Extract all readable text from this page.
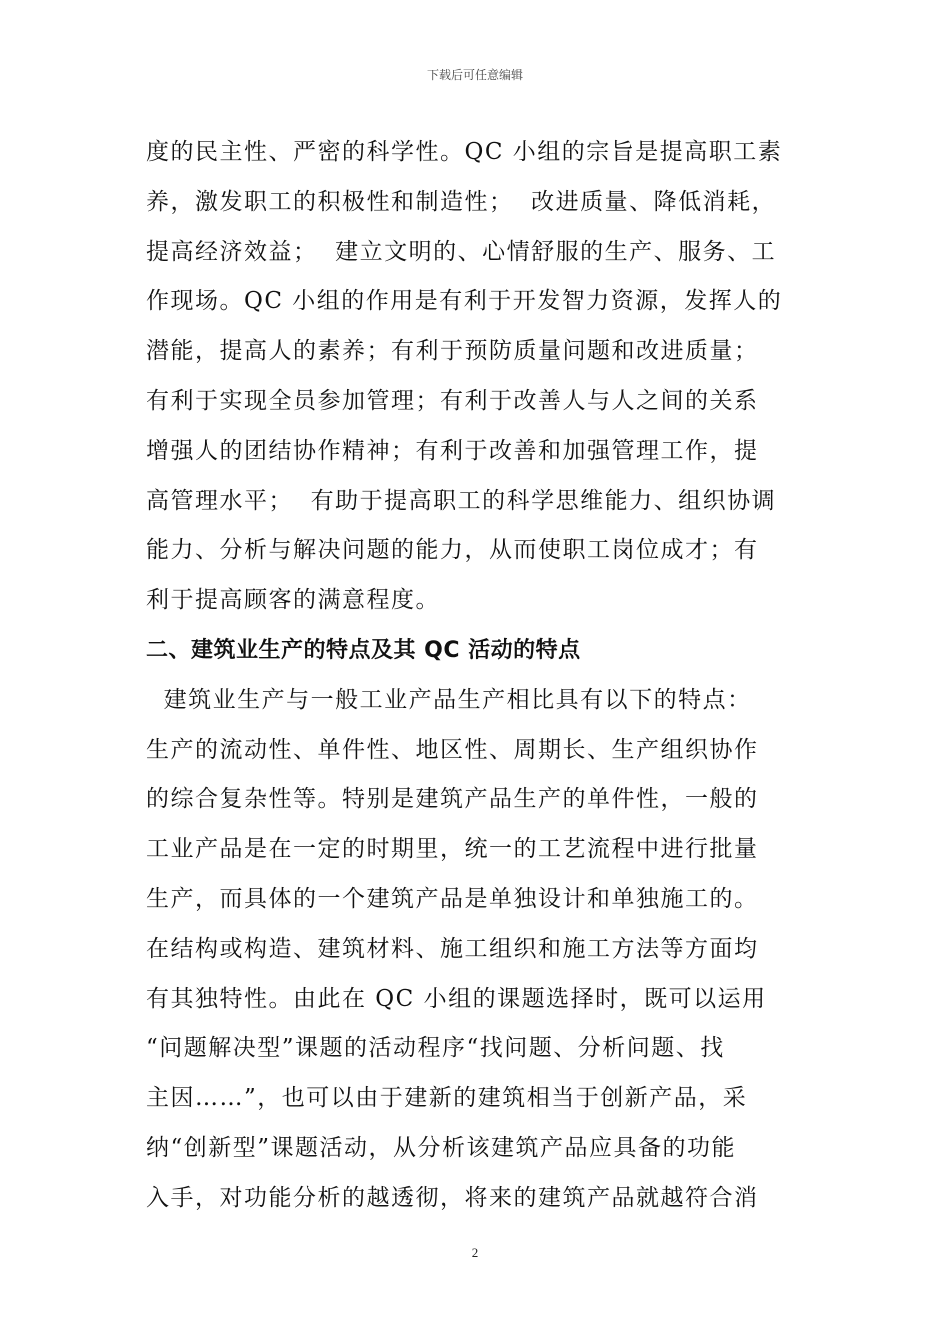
下载后可任意编辑
度的民主性、严密的科学性。QC 小组的宗旨是提高职工素
养，激发职工的积极性和制造性；  改进质量、降低消耗，
提高经济效益；  建立文明的、心情舒服的生产、服务、工
作现场。QC 小组的作用是有利于开发智力资源，发挥人的
潜能，提高人的素养；有利于预防质量问题和改进质量；
有利于实现全员参加管理；有利于改善人与人之间的关系
增强人的团结协作精神；有利于改善和加强管理工作，提
高管理水平；  有助于提高职工的科学思维能力、组织协调
能力、分析与解决问题的能力，从而使职工岗位成才；有
利于提高顾客的满意程度。
二、建筑业生产的特点及其 QC 活动的特点
建筑业生产与一般工业产品生产相比具有以下的特点：
生产的流动性、单件性、地区性、周期长、生产组织协作
的综合复杂性等。特别是建筑产品生产的单件性，一般的
工业产品是在一定的时期里，统一的工艺流程中进行批量
生产，而具体的一个建筑产品是单独设计和单独施工的。
在结构或构造、建筑材料、施工组织和施工方法等方面均
有其独特性。由此在 QC 小组的课题选择时，既可以运用
“问题解决型”课题的活动程序“找问题、分析问题、找
主因……”，也可以由于建新的建筑相当于创新产品，采
纳“创新型”课题活动，从分析该建筑产品应具备的功能
入手，对功能分析的越透彻，将来的建筑产品就越符合消
2
